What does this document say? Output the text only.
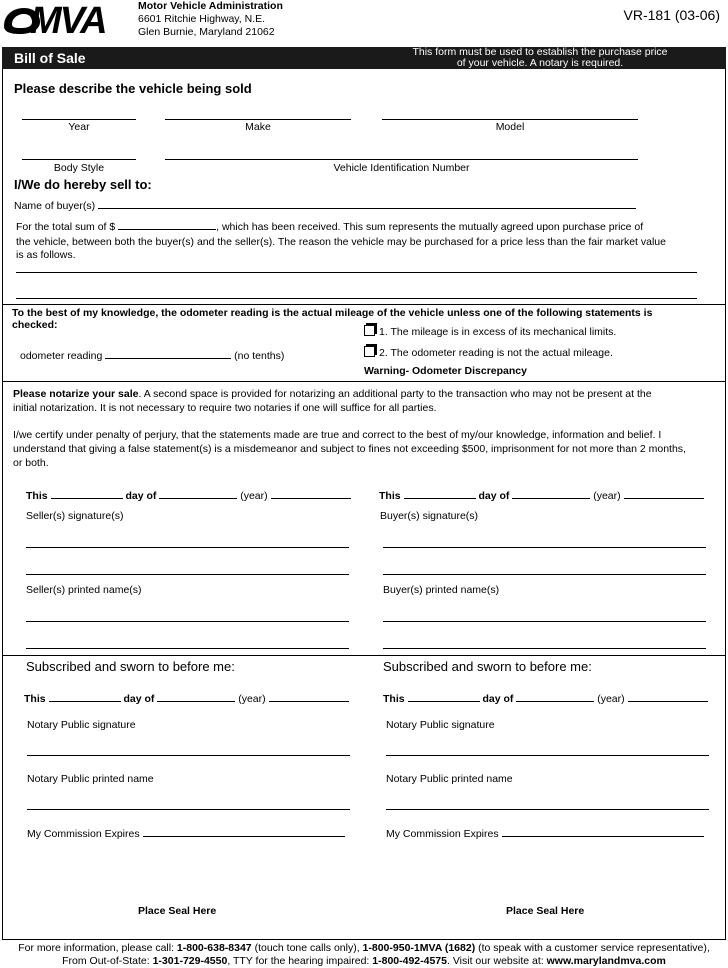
MVA	Motor Vehicle Administration
6601 Ritchie Highway, N.E.
Glen Burnie, Maryland 21062
VR-181 (03-06)
Bill of Sale	This form must be used to establish the purchase price
of your vehicle. A notary is required.
Please describe the vehicle being sold
Year	Make	Model
Body Style	Vehicle Identification Number
I/We do hereby sell to:
Name of buyer(s)
For the total sum of $	, which has been received. This sum represents the mutually agreed upon purchase price of
the vehicle, between both the buyer(s) and the seller(s). The reason the vehicle may be purchased for a price less than the fair market value
is as follows.
To the best of my knowledge, the odometer reading is the actual mileage of the vehicle unless one of the following statements is
checked:
odometer reading	(no tenths)
1. The mileage is in excess of its mechanical limits.
2. The odometer reading is not the actual mileage.
Warning- Odometer Discrepancy
Please notarize your sale. A second space is provided for notarizing an additional party to the transaction who may not be present at the
initial notarization. It is not necessary to require two notaries if one will suffice for all parties.
I/we certify under penalty of perjury, that the statements made are true and correct to the best of my/our knowledge, information and belief. I
understand that giving a false statement(s) is a misdemeanor and subject to fines not exceeding $500, imprisonment for not more than 2 months,
or both.
This	day of	(year)	This	day of	(year)
Seller(s) signature(s)	Buyer(s) signature(s)
Seller(s) printed name(s)	Buyer(s) printed name(s)
Subscribed and sworn to before me:	Subscribed and sworn to before me:
This	day of	(year)	This	day of	(year)
Notary Public signature	Notary Public signature
Notary Public printed name	Notary Public printed name
My Commission Expires	My Commission Expires
Place Seal Here	Place Seal Here
For more information, please call: 1-800-638-8347 (touch tone calls only), 1-800-950-1MVA (1682) (to speak with a customer service representative),
From Out-of-State: 1-301-729-4550, TTY for the hearing impaired: 1-800-492-4575. Visit our website at: www.marylandmva.com
